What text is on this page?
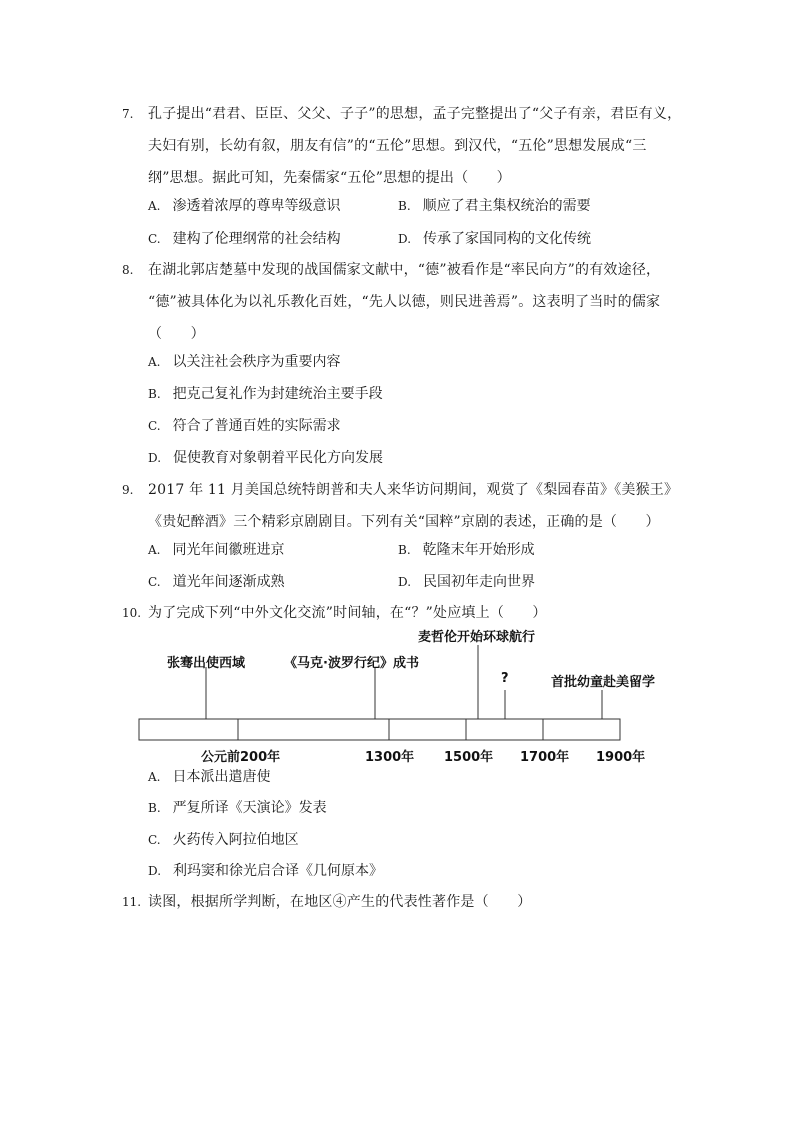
7.	孔子提出“君君、臣臣、父父、子子”的思想，孟子完整提出了“父子有亲，君臣有义，
夫妇有别，长幼有叙，朋友有信”的“五伦”思想。到汉代，“五伦”思想发展成“三
纲”思想。据此可知，先秦儒家“五伦”思想的提出（　　）
A. 渗透着浓厚的尊卑等级意识	B. 顺应了君主集权统治的需要
C. 建构了伦理纲常的社会结构	D. 传承了家国同构的文化传统
8.	在湖北郭店楚墓中发现的战国儒家文献中，“德”被看作是“率民向方”的有效途径，
“德”被具体化为以礼乐教化百姓，“先人以德，则民进善焉”。这表明了当时的儒家
（　　）
A. 以关注社会秩序为重要内容
B. 把克己复礼作为封建统治主要手段
C. 符合了普通百姓的实际需求
D. 促使教育对象朝着平民化方向发展
9.	2017 年 11 月美国总统特朗普和夫人来华访问期间，观赏了《梨园春苗》《美猴王》
《贵妃醉酒》三个精彩京剧剧目。下列有关“国粹”京剧的表述，正确的是（　　）
A. 同光年间徽班进京	B. 乾隆末年开始形成
C. 道光年间逐渐成熟	D. 民国初年走向世界
10. 为了完成下列“中外文化交流”时间轴，在“？”处应填上（　　）
张骞出使西域	《马克·波罗行纪》成书
麦哲伦开始环球航行
?	首批幼童赴美留学
公元前200年	1300年 1500年 1700年 1900年
A. 日本派出遣唐使
B. 严复所译《天演论》发表
C. 火药传入阿拉伯地区
D. 利玛窦和徐光启合译《几何原本》
11. 读图，根据所学判断，在地区④产生的代表性著作是（　　）
